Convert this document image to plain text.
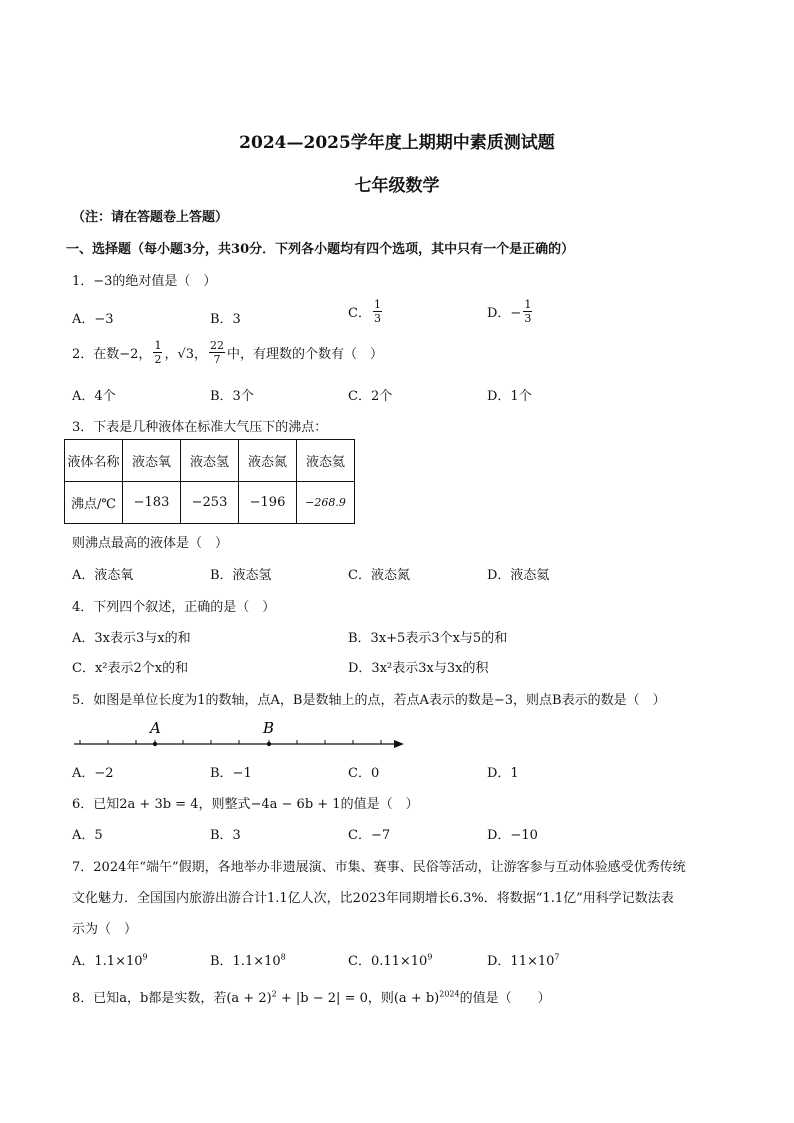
2024—2025学年度上期期中素质测试题
七年级数学
（注：请在答题卷上答题）
一、选择题（每小题3分，共30分．下列各小题均有四个选项，其中只有一个是正确的）
1．−3的绝对值是（　）
A．−3	B．3	C． $\frac{1}{3}$	D．− $\frac{1}{3}$
2．在数−2， $\frac{1}{2}$ ，√3， $\frac{22}{7}$ 中，有理数的个数有（　）
A．4个	B．3个	C．2个	D．1个
3．下表是几种液体在标准大气压下的沸点：
液体名称	液态氧	液态氢	液态氮	液态氦
沸点/℃	−183	−253	−196	−268.9
则沸点最高的液体是（　）
A．液态氧	B．液态氢	C．液态氮	D．液态氦
4．下列四个叙述，正确的是（　）
A．3x表示3与x的和	B．3x+5表示3个x与5的和
C．x²表示2个x的和	D．3x²表示3x与3x的积
5．如图是单位长度为1的数轴，点A，B是数轴上的点，若点A表示的数是−3，则点B表示的数是（　）
A	B
A．−2	B．−1	C．0	D．1
6．已知2a + 3b = 4，则整式−4a − 6b + 1的值是（　）
A．5	B．3	C．−7	D．−10
7．2024年“端午”假期，各地举办非遗展演、市集、赛事、民俗等活动，让游客参与互动体验感受优秀传统
文化魅力．全国国内旅游出游合计1.1亿人次，比2023年同期增长6.3%．将数据“1.1亿”用科学记数法表
示为（　）
A．$1.1\times 10^9$	B．$1.1\times 10^8$	C．$0.11\times 10^9$	D．$11\times 10^7$
8．已知a，b都是实数，若$(a + 2)^2 + |b - 2| = 0$，则$(a + b)^{2024}$的值是（　　）
